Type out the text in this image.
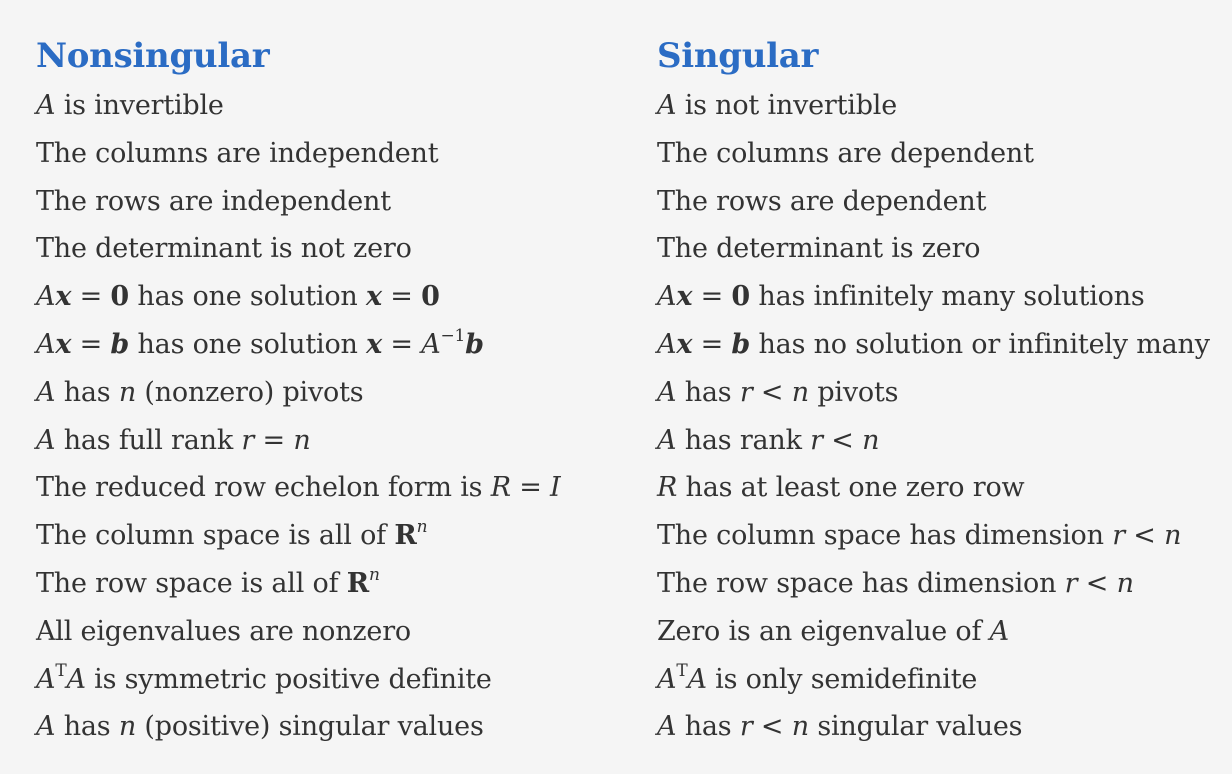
Nonsingular
A is invertible
The columns are independent
The rows are independent
The determinant is not zero
Ax = 0 has one solution x = 0
Ax = b has one solution $x = A^{-1}b$
A has n (nonzero) pivots
A has full rank r = n
The reduced row echelon form is R = I
The column space is all of $R^n$
The row space is all of $R^n$
All eigenvalues are nonzero
$A^TA$ is symmetric positive definite
A has n (positive) singular values
Singular
A is not invertible
The columns are dependent
The rows are dependent
The determinant is zero
Ax = 0 has infinitely many solutions
Ax = b has no solution or infinitely many
A has r < n pivots
A has rank r < n
R has at least one zero row
The column space has dimension r < n
The row space has dimension r < n
Zero is an eigenvalue of A
$A^TA$ is only semidefinite
A has r < n singular values
